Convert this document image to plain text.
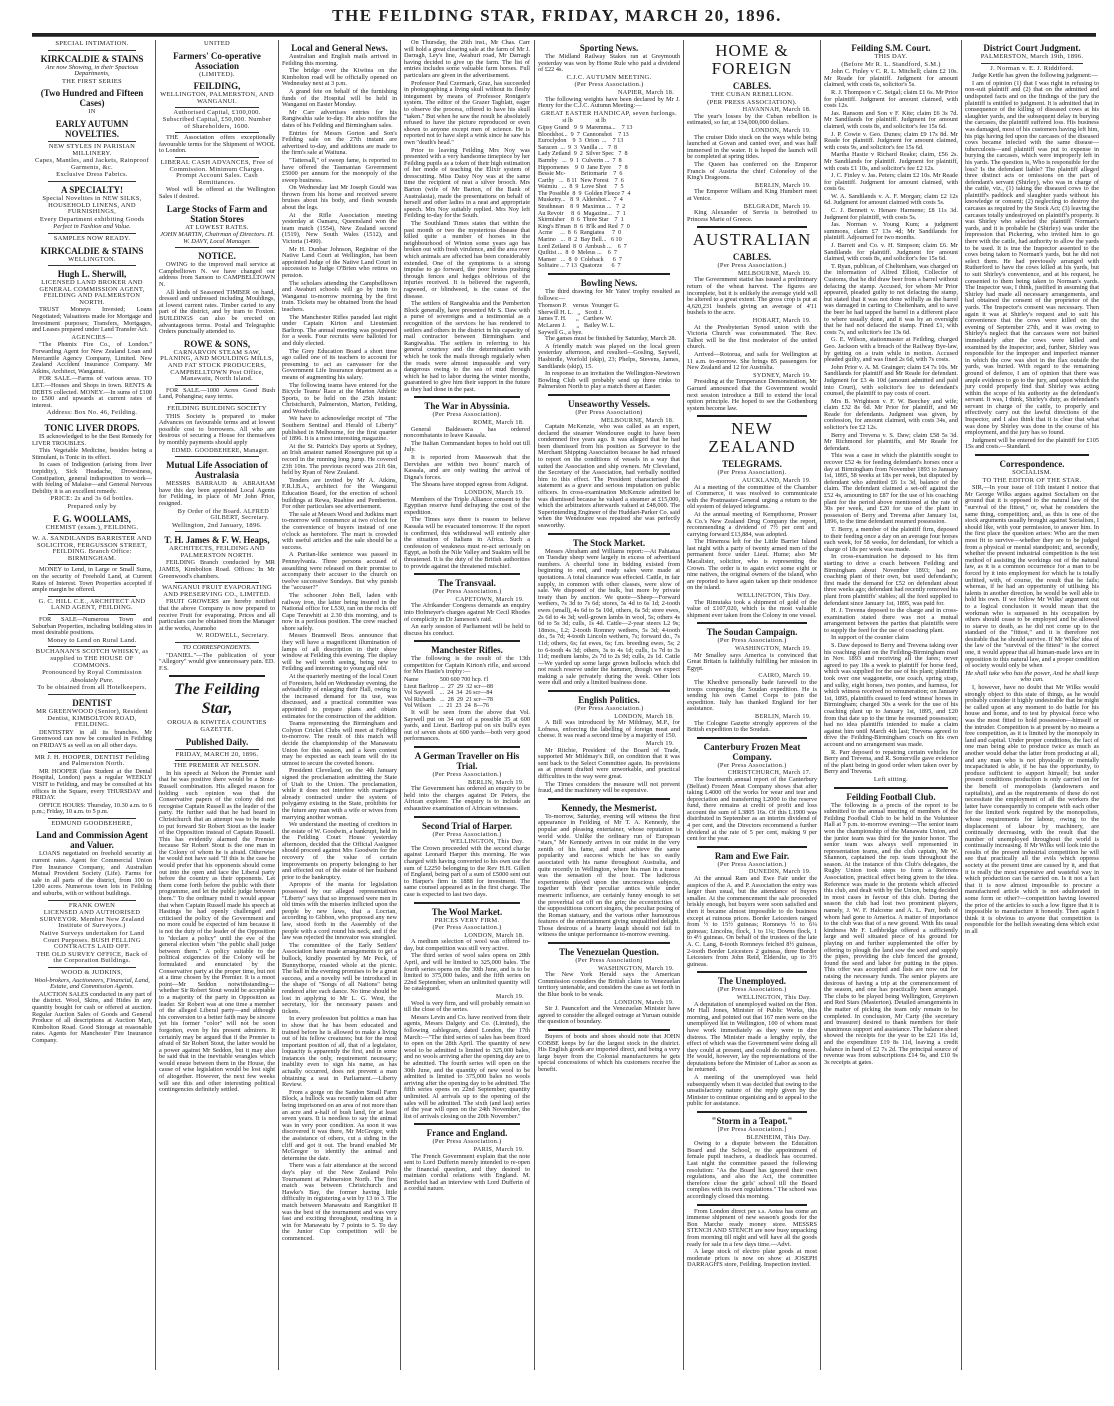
THE FEILDING STAR, FRIDAY, MARCH 20, 1896.
SPECIAL INTIMATION.
KIRKCALDIE & STAINS
Are now Showing, in their Spacious Departments,
THE FIRST SERIES
(Two Hundred and Fifteen Cases)
IN
EARLY AUTUMN NOVELTIES.
NEW STYLES IN PARISIAN MILLINERY.
Capes, Mantles, and Jackets, Rainproof Garments, &c.
Exclusive Dress Fabrics.
A SPECIALTY!
Special Novelties in NEW SILKS, HOUSEHOLD LINENS, AND FURNISHINGS,
Every Department exhibiting Goods
Perfect in Fashion and Value.
SAMPLES NOW READY.
KIRKCALDIE & STAINS
WELLINGTON.
Hugh L. Sherwill,
LICENSED LAND BROKER AND GENERAL COMMISSION AGENT, FEILDING AND PALMERSTON NORTH.
TRUST Moneys Invested; Loans Negotiated; Valuations made for Mortgage and Investment purposes; Transfers, Mortgages, and Leases prepared under Land Transfer Act.
AGENCIES—
"The Phœnix Fire Co., of London." Forwarding Agent for New Zealand Loan and Mercantile Agency Company, Limited. New Zealand Accident Insurance Company. Mr Atkins, Architect, Wanganui.
FOR SALE.—Farms of various areas. TO LET.—Houses and Shops in town. RENTS & DEBTS collected. MONEY.—In sums of £100 to £500 and upwards at current rates of interest.
Address: Box No. 46, Feilding.
TONIC LIVER DROPS.
IS acknowledged to be the Best Remedy for LIVER TROUBLES.
This Vegetable Medicine, besides being a Stimulant, is Tonic in its effect.
In cases of Indigestion (arising from liver torpidity), Sick Headache, Drowsiness, Constipation, general indisposition to work—with feeling of Malaise—and General Nervous Debility it is an excellent remedy.
PRICE: 2s and 3s 6d bottles.
Prepared only by
F. G. WOOLLAMS,
CHEMIST (exam.), FEILDING.
W. A. SANDILANDS BARRISTER AND SOLICITOR, FERGUSSON STREET, FEILDING. Branch Office: BIRMINGHAM.
MONEY to Lend, in Large or Small Sums, on the security of Freehold Land, at Current Rates of Interest. Town Properties accepted if ample margin be offered.
G. C. HILL C.E., ARCHITECT AND LAND AGENT, FEILDING.
FOR SALE—Numerous Town and Suburban Properties, including building sites in most desirable positions.
Money to Lend on Rural Land.
BUCHANAN'S SCOTCH WHISKY, as supplied to THE HOUSE OF COMMONS.
Pronounced by Royal Commission
Absolutely Pure.
To be obtained from all Hotelkeepers.
DENTIST
MR GREENWOOD (Senior), Resident Dentist, KIMBOLTON ROAD, FEILDING.
DENTISTRY in all its branches. Mr Greenwood can now be consulted in Feilding on FRIDAYS as well as on all other days.
MR J. H. HOOPER, DENTIST Feilding and Palmerston North.
MR HOOPER (late Student at the Dental Hospital, London) pays a regular WEEKLY VISIT to Feilding, and may be consulted at his offices in the Square, every THURSDAY and FRIDAY.
OFFICE HOURS: Thursday, 10.30 a.m. to 6 p.m.; Friday, 10 a.m. to 5 p.m.
EDMUND GOODBEHERE,
Land and Commission Agent and Valuer.
LOANS negotiated on freehold security at current rates. Agent for Commercial Union Fire Insurance Company, and Australian Mutual Provident Society (Life). Farms for sale in all parts of the district, from 100 to 1200 acres. Numerous town lots in Feilding and suburbs, with or without buildings.
FRANK OWEN
LICENSED AND AUTHORISED SURVEYOR. Member New Zealand Institute of Surveyors.)
Native Surveys undertaken for Land Court Purposes. BUSH FELLING CONTRACTS LAID OFF.
THE OLD SURVEY OFFICE, Back of the Corporation Buildings.
WOOD & JUDKINS,
Wool-brokers, Auctioneers, Financial, Land, Estate, and Commission Agents.
AUCTION SALES conducted in any part of the district. Wool, Skins, and Hides in any quantity bought for cash or offered at auction. Regular Auction Sales of Goods and General Produce of all descriptions at Auction Mart, Kimbolton Road. Good Storage at reasonable rates. Agents for Manchester Fire Insurance Company.
UNITED
Farmers' Co-operative Association
(LIMITED).
FEILDING,
WELLINGTON, PALMERSTON, AND WANGANUI.
Authorised Capital, £100,000. Subscribed Capital, £50,000. Number of Shareholders, 1600.
THE Association offers exceptionally favourable terms for the Shipment of WOOL to London.
LIBERAL CASH ADVANCES, Free of Commission. Minimum Charges. Prompt Account Sales. Cash Remittances.
Wool will be offered at the Wellington Sales if desired.
Large Stocks of Farm and Station Stores
AT LOWEST RATES.
JOHN MARTIN, Chairman of Directors. H. W. DAVY, Local Manager.
NOTICE.
OWING to the improved mail service at Campbelltown N. we have changed our address from Sanson to CAMPBELLTOWN N.
All kinds of Seasoned TIMBER on hand, dressed and undressed including Mouldings, at lowest current rates. Timber carted to any part of the district, and by tram to Foxton. BUILDINGS can also be erected on advantageous terms. Postal and Telegraphic Orders punctually attended to.
ROWE & SONS,
CARNARVON STEAM SAW, PLANING, AND MOULDING MILLS, AND FAT STOCK PRODUCERS, CAMPBELLTOWN Post Office, Manawatu, North Island.
FOR SALE.—1000 Acres Good Bush Land, Pohangina; easy terms.
FEILDING BUILDING SOCIETY
THIS Society is prepared to make Advances on favourable terms and at lowest possible cost to borrowers. All who are desirous of securing a House for themselves by monthly payments should apply
EDMD. GOODBEHERE, Manager.
Mutual Life Association of Australasia
MESSRS BARRAUD & ABRAHAM have this day been appointed Local Agents for Feilding, in place of Mr John Prior, resigned.
By Order of the Board. ALFRED GILBERT, Secretary.
Wellington, 2nd January, 1896.
T. H. James & F. W. Heaps,
ARCHITECTS, FEILDING AND PALMERSTON NORTH.
FEILDING Branch conducted by MR JAMES, Kimbolton Road. Offices: In Mr Greenwood's chambers.
WANGANUI FRUIT EVAPORATING AND PRESERVING CO., LIMITED.
FRUIT GROWERS are hereby notified that the above Company is now prepared to receive Fruit for evaporating. Prices and all particulars can be obtained from the Manager at the works, Aramoho
W. RODWELL, Secretary.
TO CORRESPONDENTS.
"DANIEL."—The publication of your "Allegory" would give unnecessary pain. ED. F.S.
The Feilding Star,
OROUA & KIWITEA COUNTIES GAZETTE.
Published Daily.
FRIDAY, MARCH 20, 1896.
THE PREMIER AT NELSON.
In his speech at Nelson the Premier said that he was positive there would be a Stout-Russell combination. His alleged reason for holding such opinion was that the Conservative papers of the colony did not recognise Captain Russell as the leader of the party. He further said that he had heard in Christchurch that an attempt was to be made to put forward Sir Robert Stout as the leader of the Opposition instead of Captain Russell. This has evidently alarmed the Premier because Sir Robert Stout is the one man in the Colony of whom he is afraid. Otherwise he would not have said "If this is the case he would prefer that his opponents should come out into the open and face the Liberal party before the country as their opponents. Let them come forth before the public with their programme, and let the public judge between them." To the ordinary mind it would appear that when Captain Russell made his speech at Hastings he had openly challenged and criticised the policy of the Government and no more could be expected of him because it is not the duty of the leader of the Opposition to "declare a policy" until the eve of the general election when "the public shall judge between them." A policy suitable to the political exigencies of the Colony will be formulated and enunciated by the Conservative party at the proper time, but not at a time chosen by the Premier. It is a moot point—Mr Seddon notwithstanding—whether Sir Robert Stout would be acceptable to a majority of the party in Opposition as leader. Sir Robert was at one time a member of the alleged Liberal party—and although his conversion to a better faith may be sincere yet his former "color" will not be soon forgotten, even by his present admirers. It certainly may be argued that if the Premier is afraid of Sir Robert Stout, the latter would be a power against Mr Seddon, but it may also be said that in the inevitable wrangles which would ensue between them in the House, the cause of wise legislation would be lost sight of altogether. However, the next few weeks will see this and other interesting political contingencies definitely settled.
Local and General News.
Australian and English mails arrived in Feilding this morning.
The bridge over the Kiwitea on the Kimbolton road will be officially opened on Wednesday next at 3 p.m.
A grand fete on behalf of the furnishing funds of the Hospital will be held in Wanganui on Easter Monday.
Mr Carr advertises entries for his Rangiwahia sale to-day. He also notifies the dates of his Feilding and Birmingham sales.
Entries for Messrs Gorton and Son's Feilding sale on the 27th instant are advertised to-day, and additions are made to the firm's sale at Waituna.
"Tattersall," of sweep fame, is reported to have offered the Tasmanian Government £5000 per annum for the monopoly of the sweep business.
On Wednesday last Mr Joseph Gould was thrown from his horse and received severe bruises about his body, and flesh wounds about the legs.
At the Rifle Association meeting yesterday at Oamaru, Queensland won the team match (1554), New Zealand second (1519), New South Wales (1512), and Victoria (1490).
Mr H. Dunbar Johnson, Registrar of the Native Land Court at Wellington, has been appointed Judge of the Native Land Court in succession to Judge O'Brien who retires on pension.
The scholars attending the Campbelltown and Awahuri schools will go by train to Wanganui to-morrow morning by the first train. Tickets may be obtained from the head teachers.
The Manchester Rifles paraded last night under Captain Kirton and Lieutenant Barltrop. The annual meeting was postponed for a week. Four recruits were balloted for and duly elected.
The Grey Education Board a short time ago called one of its teachers to account for presuming to act as canvasser for the Government Life Insurance department as a means of augmenting his salary.
The following teams have entered for the Bicycle Teams' Race at the Marton Athletic Sports, to be held on the 25th instant: Christchurch, Palmerston, Marton, Feilding, and Woodville.
We have to acknowledge receipt of "The Southern Sentinel and Herald of Liberty" published in Melbourne, for the first quarter of 1896. It is a most interesting magazine.
At the St. Patrick's Day sports at Sydney, an Irish amateur named Rosengrave put up a record in the running long jump. He covered 23ft 10in. The previous record was 21ft 6in, held by Ryan of New Zealand.
Tenders are invited by Mr A. Atkins, F.R.I.B.A., architect for the Wanganui Education Board, for the erection of school buildings at Rewa, Ruahine and Pemberton. For other particulars see advertisement.
The sale at Messrs Wood and Judkins mart to-morrow will commence at two o'clock for the convenience of buyers instead of one o'clock as heretofore. The mart is crowded with useful articles and the sale should be a success.
A Puritan-like sentence was passed in Pennsylvania. Three persons accused of assaulting were released on their promise to accompany their accuser to the church on twelve successive Sundays. But why punish the "accuser?"
The schooner John Bell, laden with railway iron, the latter being insured in the National office for L530, ran on the rocks off Cape Terawhiti at 2.30 this morning, and is now in a perilous position. The crew reached shore safely.
Messrs Bramwell Bros. announce that they will have a magnificent illumination of lamps of all description in their show window at Feilding this evening. The display will be well worth seeing, being new to Feilding and interesting to young and old.
At the quarterly meeting of the local Court of Foresters, held on Wednesday evening, the advisability of enlarging their Hall, owing to the increased demand for its use, was discussed, and a practical committee was appointed to prepare plans and obtain estimates for the construction of the addition.
Teams representing the Birmingham and Colyton Cricket Clubs will meet at Feilding to-morrow. The result of this match will decide the championship of the Manawatu Union for this season, and a keen contest may be expected as each team will do its utmost to secure the coveted honors.
President Cleveland, on the 4th January signed the proclamation admitting the State of Utah to the Union. The proclamation, while it does not interfere with marriages already contracted under the system of polygamy existing in the State, prohibits for the future any man with a wife or wives from marrying another woman.
We understand the meeting of creditors in the estate of W. Goodwin, a bankrupt, held in the Feilding Court House yesterday afternoon, decided that the Official Assignee should proceed against Mrs Goodwin for the recovery of the value of certain improvements on property belonging to her and effected out of the estate of her husband prior to the bankruptcy.
Apropos of the mania for legislation possessed by our alleged representatives "Liberty" says that so impressed were men in old times with the miseries inflicted upon the people by new laws, that a Locrian, according to Gibbon, who proposed any new law, stood forth in the Assembly of the people with a cord round his neck, and if the law was rejected the innovator was strangled.
The committee of the Early Settlers' Association have made arrangements to get a bullock, kindly presented by Mr Peck, of Bunnythorpe, roasted whole at the picnic. The ball in the evening promises to be a great success, and a novelty will be introduced in the shape of "Songs of all Nations" being rendered after each dance. No time should be lost in applying to Mr L. G. West, the secretary, for the necessary passes and tickets.
In every profession but politics a man has to show that he has been educated and trained before he is allowed to make a living out of his fellow creatures; but for the most important position of all, that of a legislator, loquacity is apparently the first, and in some instances the only, requirement necessary; inability even to sign his name, as has actually occurred, does not prevent a man obtaining a seat in Parliament.—Liberty Review.
From a gorge on the Sandon Small Farm Block, a bullock was recently taken out after being imprisoned on an area of not more than an acre and a-half of bush land, for at least seven years. It is needless to say the animal was in very poor condition. As soon it was discovered it was there, Mr McGregor, with the assistance of others, cut a siding in the cliff and got it out. The brand enabled Mr McGregor to identify the animal and determine the date.
There was a fair attendance at the second day's play of the New Zealand Polo Tournament at Palmerston North. The first match was between Christchurch and Hawke's Bay, the former having little difficulty in registering a win by 13 to 3. The match between Manawatu and Rangitikei II was the best of the tournament and was very fast and exciting throughout, resulting in a win for Manawatu by 7 points to 5. To day the Junior Cup competition will be commenced.
On Thursday, the 26th inst., Mr Chas. Carr will hold a great clearing sale at the farm of Mr J. Darragh, Ley's line, Awahuri road, Mr Darragh having decided to give up the farm. The list of entries includes some valuable farm horses. Full particulars are given in the advertisement.
Professor Paul Czermark, Graz, has succeeded in photographing a living skull without its fleshy integument by means of Professor Rontgen's system. The editor of the Grazer Tagblatt, eager to observe the process, offered to have his skull "taken." But when he saw the result he absolutely refused to have the picture reproduced or even shown to anyone except men of science. He is reported not to have slept a wink since he saw his own "death's head."
Prior to leaving Feilding Mrs Noy was presented with a very handsome timepiece by her Feilding pupils as a token of their high estimation of her mode of teaching the Elixir system of dresscutting. Miss Daisy Noy was at the same time the recipient of neat a silver brooch. Mrs Barton (wife of Mr Barton, of the Bank of Australasia), made the presentations on behalf of herself and other ladies in a neat and appropriate speech. Mrs Noy suitably replied. Mrs Noy left Feilding to-day for the South.
The Southland Times states that within the past month or two the mysterious disease that killed quite a number of horses in the neighbourhood of Winton some years ago has broken out with fresh virulence, and the area over which animals are affected has been considerably extended. One of the symptoms is a strong impulse to go forward, the poor brutes pushing through fences and hedges oblivious of the injuries received. It is believed the ragworth, ragweed, or blindweed, is the cause of the disease.
The settlers of Rangiwahia and the Pemberton Block generally, have presented Mr S. Daw with a purse of sovereigns and a testimonial as a recognition of the services he has rendered to settlers and others in the district in his capacity of mail contractor between Birmingham and Rangiwahia. The settlers in referring to his general courtesy and the determination with which he took the mails through regularly when the roads were almost impassable and very dangerous owing to the sea of mud through which he had to labor during the winter months, guaranteed to give him their support in the future as they had done in the past.
The War in Abyssinia.
(Per Press Association).
ROME, March 18.
General Baldessera has ordered noncombatants to leave Kassala.
The Italian Commandant hopes to hold out till July.
It is reported from Massowah that the Dervishes are within two hours' march of Kassala, and are only waiting the arrival of Digna's forces.
The Shoans have stopped egress from Adigrat.
LONDON, March 19.
Members of the Triple Alliance consent to the Egyptian reserve fund defraying the cost of the expedition.
The Times says there is reason to believe Kassala will be evacuated tomorrow. If the report is confirmed, this withdrawal will entirely alter the situation of Italians in Africa. Such a confession of weakness must re-act seriously on Egypt, as both the Nile Valley and Suakim will be threatened. It is the duty of the British authorities to provide against the threatened mischief.
The Transvaal.
(Per Press Association.)
CAPETOWN, March 19.
The Afrikander Congress demands an enquiry into Hofmeyer's charges against Mr Cecil Rhodes of complicity in Dr Jameson's raid.
An early session of Parliament will be held to discuss his conduct.
Manchester Rifles.
The following is the result of the 13th competition for Captain Kirton's rifle, and second for Mrs Hastie's trophy:—
Name              500 600 700 hcp. t'l
Lieut Barltrop ...  27  29  32 scr—88
Vol Saywell    ...  24  34  26 scr—84
Vol Richards   ...  28  29  21 scr—78
Vol Wilson     ...  21  23  24  8—76
It will be seen from the above that Vol. Saywell put on 34 out of a possible 35 at 600 yards, and Lieut. Barltrop put on six bull's eyes out of seven shots at 600 yards—both very good performances.
A German Traveller on His Trial.
(Per Press Association.)
BERLIN, March 19.
The Government has ordered an enquiry to be held into the charges against Dr Peters, the African explorer. The enquiry is to include an exhaustive examination of African witnesses.
Second Trial of Harper.
(Per Press Association.)
WELLINGTON, This Day.
The Crown proceeded with the second charge against Leonard Harper this morning. He was charged with having converted to his own use the sum of L2250 belonging to the Rev H.H. Gillett of England, being part of a sum of £5000 sent out to Harper's firm in 1888 for investment. The same counsel appeared as in the first charge. The case is expected to last two days.
The Wool Market.
PRICES VERY FIRM.
(Per Press Association.)
LONDON, March 18.
A medium selection of wool was offered to-day, but competition was still very active.
The third series of wool sales opens on 28th April, and will be limited to 325,000 bales. The fourth series opens on the 30th June, and is to be limited to 375,000 bales, and the fifth series on 22nd September, when an unlimited quantity will be catalogued.
March 19.
Wool is very firm, and will probably remain so till the close of the series.
Messrs Levin and Co. have received from their agents, Messrs Dalgety and Co. (Limited), the following cablegram, dated London, the 17th March:—"The third series of sales has been fixed to open on the 28th April. The quantity of new wool to be admitted is limited to 325,000 bales, and no wools arriving after the opening day are to be admitted. The fourth series will open on the 30th June, and the quantity of new wool to be admitted is limited to 375,000 bales no wools arriving after the opening day to be admitted. The fifth series opens on 22nd September; quantity unlimited. Al arrivals up to the opening of the sales will be admitted. The sixth (and last) series of the year will open on the 24th November, the list of arrivals closing on the 20th November."
France and England.
(Per Press Association.)
PARIS, March 19.
The French Government explain that the note sent to Lord Dufferin merely intended to re-open the financial question, and they desired to maintain cordial relations with England. M. Berthelot had an interview with Lord Dufferin of a cordial nature.
Sporting News.
The Midland Railway Stakes ran at Greymouth yesterday was won by Home Rule who paid a dividend of £22 4s.
C.J.C. AUTUMN MEETING.
(Per Press Association.)
NAPIER, March 18.
The following weights have been declared by Mr J. Henry for the C.J.C. Autumn Meeting:—
GREAT EASTER HANDICAP, seven furlongs.
st lb               st lb
Gipsy Grand   9  9  Maremma...    7 13
Bloodshot...  9  7  Cannonshot    7 13
Euroclydon    9  3  Orion  ...    7 13
Saracen  ...  9  3  Vanilla ...   7  8
Lady Zetland  9  2  Silver Spec   7  8
Barmby   ...  9  1  Culverin ...  7  8
Hippomenes    9  0  Jane Eyre     7  8
Bessie Mc-          Britomarte    7  6
Carthy   ...  8 11  New Forest    7  6
Waimiu   ...  8  9  Love Shot     7  5
The Possible  8  9  Golden Fleece 7  4
Musketry...   8  9  Aldershot...  7  4
Strathnean    8  9  Maximus ...   7  2
Au Revoir     8  6  Magazine...   7  1
Skirmisher    8  6  Three Star    7  1
King's B'man  8  6  B'lk and Red  7  0
Acme     ...  8  6  Rangiatea     7  0
Marino   ...  8  2  Bay Bell...   6 10
Lord Zetland  8  0  Ambush ...    6  7
Quiltist ...  8  0  Meleus ...    6  7
Manser   ...  8  0  Coleback      6  7
Solitaire ... 7 13  Quatorze      6  7
Bowling News.
The third drawing for Mr Yates' trophy resulted as follows:—
Thomson P.    versus  Younger G.
Sherwill H. L.   ,,   Scott J.
James T. H.      ,,   Carthew W.
McLaren J.       ,,   Bailey W. L.
Saywell G., a bye.
The games must be finished by Saturday, March 28.
A friendly match was played on the local green yesterday afternoon, and resulted—Gosling, Saywell, Hasbirdle, Worfold (skip), 23; Phelps, Stevens, James, Sandilands (skip), 15.
In response to an invitation the Wellington-Newtown Bowling Club will probably send up three rinks to Palmerston North to play a match there at Easter.
Unseaworthy Vessels.
(Per Press Association)
MELBOURNE, March 18.
Captain McKenzie, who was called as an expert, declared the steamer Wendouree ought to have been condemned five years ago. It was alleged that he had been dismissed from his position as Surveyor to the Merchant Shipping Association because he had refused to report on the conditions of vessels in a way that suited the Association and ship owners. Mr Cleveland, the Secretary of the Association, had verbally notified him to this effect. The President characterised the statement as a grave and serious imputation on public officers. In cross-examination McKenzie admitted he was dismissed because he valued a steamer at £15,000, which the arbitrators afterwards valued at £48,000. The Superintending Engineer of the Huddart-Parker Co. said when the Wendouree was repaired she was perfectly seaworthy.
The Stock Market.
Messrs Abraham and Williams report:—At Pahiatua on Tuesday sheep were largely in excess of advertised numbers. A cheerful tone in bidding existed from beginning to end, and ready sales were made at quotations. A total clearance was effected. Cattle, in fair supply, in common with other classes, were slow of sale. We disposed of the bulk, but more by private treaty than by auction. We quote—Sheep—Forward wethers, 7s 3d to 7s 6d; stores, 5s 4d to 6s 1d; 2-tooth ewes (small), 4s 6d to 5s 10d, others, 6s 5d; store ewes, 2s 6d to 4s 3d; well-grown lambs in wool, 5s; others 4s 6d to 5s 3d; culls, 1s 4d. Cattle—2-year steers L2 9s; 18mos., L2; 2-tooth Romney wethers, 5s 3d; 4-tooth do., 5s 7d; 4-tooth Lincoln wethers, 7s; forward do., 7s 11d; others, 6s; fat ewes, 6s; f.m. breeding ewes, 5s; 2 to 6-tooth 4s 3d; others, 3s to 4s 1d; culls, 1s 7d to 3s 11d; medium lambs, 2s 7d to 2s 9d; culls, 2s 1d. Cattle—We yarded up some large grown bullocks which did not reach reserve under the hammer, though we expect making a sale privately during the week. Other lots were dull and only a limited business done.
English Politics.
(Per Press Association.)
LONDON, March 18.
A Bill was introduced by Mr Mildmay, M.P., for Lofness, enforcing the labelling of foreign meat and cheese. It was read a second time by a majority of 150.
March 19.
Mr Ritchie, President of the Board of Trade, supported Mr Mildmay's Bill, on condition that it was sent back to the Select Committee again. Its provisions as at present drafted were unworkable, and practical difficulties in the way were great.
The Times considers the measure will not prevent fraud, and the machinery will be expensive.
Kennedy, the Mesmerist.
To-morrow, Saturday, evening will witness the first appearance in Feilding of Mr T. A. Kennedy, the popular and pleasing entertainer, whose reputation is world wide. Unlike the ordinary run of European "stars," Mr Kennedy arrives in our midst in the very zenith of his fame, and must achieve the same popularity and success which he has so easily associated with his name throughout Australia, and quite recently in Wellington, where his man in a trance was the sensation of the hour. The ludicrous experiments played upon the unconscious subjects, together with their peculiar antics while under mesmeric influence, are certainly funny enough to set the proverbial cat off on the grin; the eccentricities of the supposititious concert singers, the peculiar posing of the Roman statuary, and the various other humourous features of the entertainment giving unqualified delight. Those desirous of a hearty laugh should not fail to witness the unique performance to-morrow evening.
The Venezuelan Question.
(Per Press Association)
WASHINGTON, March 19.
The New York Herald says the American Commission considers the British claim to Venezuelan territory untenable, and considers the case as set forth in the Blue book to be weak.
LONDON, March 19.
Sir J. Pauncefort and the Venezuelan Minister have agreed to consider the alleged outrage at Yuruan outside the question of boundary.
Buyers of boots and shoes should note that JOHN COBBE keeps by far the largest stock in the district. His English goods are imported direct, and being a very large buyer from the Colonial manufacturers he gets special concessions of which his customers receive the benefit.
HOME & FOREIGN
CABLES.
THE CUBAN REBELLION.
(PER PRESS ASSOCIATION).
HAVANNAH, March 18.
The year's losses by the Cuban rebellion is estimated, so far, at 134,000,000 dollars.
LONDON, March 19.
The cruiser Dido stuck on the ways while being launched at Govan and canted over, and was half immersed in the water. It is hoped the launch will be completed at spring tides.
The Queen has conferred on the Emperor Francis of Austria the chief Coloneloy of the King's Dragoons.
BERLIN, March 19.
The Emperor William and King Humbert meet at Venice.
BELGRADE, March 19.
King Alexander of Servia is betrothed to Princess Marie of Greece.
AUSTRALIAN
CABLES.
(Per Press Association.)
MELBOURNE, March 19.
The Government statist has issued a preliminary return of the wheat harvest. The figures are incomplete, but it is unlikely the average yield will be altered to a great extent. The gross crop is put at 4,620,231 bushels giving an average of 4'11 bushels to the acre.
HOBART, March 19.
At the Presbyterian Synod union with the Victoria Church was consummated. The Rev. Talbot will be the first moderator of the united church.
Arrived—Rotorua, and sails for Wellington at 11 a.m. to-morrow. She brings 85 passengers for New Zealand and 12 for Australia.
SYDNEY, March 19.
Presiding at the Temperance Demonstration, Mr Garrard announced that the Government would next session introduce a Bill to extend the local option principle. He hoped to see the Gothenburg system become law.
NEW ZEALAND
TELEGRAMS.
(Per Press Association).
AUCKLAND, March 19.
At a meeting of the committee of the Chamber of Commerce, it was resolved to communicate with the Postmaster-General urging a return to the old system of delayed telegrams.
At the annual meeting of Kempthorne, Prosser & Co.'s New Zealand Drug Company the report, recommending a dividend of 7½ per cent and carrying forward £13,884, was adopted.
The Hinemoa left for the Little Barrier Island last night with a party of twenty armed men of the permanent force under Lieut. Hume; also Mr Macalister, solicitor, who is representing the Crown. The order is to again evict some eight or nine natives, the original owners of the island, who are reported to have again taken up their residence on the island.
WELLINGTON, This Day.
The Rimutaka took a shipment of gold of the value of £107,020, which is the most valuable shipment ever taken from the Colony in one vessel.
The Soudan Campaign.
(Per Press Association.)
WASHINGTON, March 19.
Mr Smalley says America is convinced that Great Britain is faithfully fulfilling her mission in Egypt.
CAIRO, March 19.
The Khedive personally bade farewell to the troops composing the Soudan expedition. He is sending his own Camel Corps to join the expedition. Italy has thanked England for her assistance.
BERLIN, March 19.
The Cologne Gazette strongly approves of the British expedition to the Soudan.
Canterbury Frozen Meat Company.
(Per Press Association.)
CHRISTCHURCH, March 17.
The fourteenth annual report of the Canterbury (Belfast) Frozen Meat Company shows that after taking L4000 off the works for wear and tear and depreciation and transferring L2000 to the reserve fund, there remains at credit of profit and loss account the sum of L3805 16s. Of this L1900 was distributed in September as an interim dividend of 4 per cent, and the Directors recommend a further dividend at the rate of 5 per cent, making 9 per cent for the year.
Ram and Ewe Fair.
(Per Press Association.)
DUNEDIN, March 19.
At the annual Ram and Ewe Fair under the auspices of the A. and P. Association the entry was larger than usual, but the attendance of buyers smaller. At the commencement the sale proceeded briskly enough, but buyers were soon satisfied and then it became almost impossible to do business except at ruinous prices. Border Leicesters ranged from ½ to 15½ guineas; Romneys ½ to 6¼ guineas; Lincolns, flock, 1 to 1¼; Downs flock, 1 to 4½ guineas. On behalf of the trustees of the late A. C. Lang, 8-tooth Romneys fetched 8½ guineas, 2-tooth Border Leicesters 2 guineas, three Border Leicesters from John Reid, Elderslie, up to 3½ guineas.
The Unemployed.
(Per Press Association.)
WELLINGTON, This Day.
A deputation of unemployed waited on the Hon. Mr Hall Jones, Minister of Public Works, this morning, and pointed out that 167 men were on the unemployed list in Wellington, 100 of whom must have work immediately as they were in dire distress. The Minister made a lengthy reply, the effect of which was the Government were doing all they could at present, and could do nothing more. He would, however, lay the representations of the deputations before the Minister of Labor as soon as he returned.
A meeting of the unemployed was held subsequently when it was decided that owing to the unsatisfactory nature of the reply given by the Minister to continue organising and to appeal to the public for assistance.
"Storm in a Teapot."
[Per Press Association.]
BLENHEIM, This Day.
Owing to a dispute between the Education Board and the School, re the appointment of female pupil teachers, a deadlock has occurred. Last night the committee passed the following resolution: "As the Board has ignored their own regulations, and also the Act, the committee therefore close the girls' school till the Board complies with its own regulations." The school was accordingly closed this morning.
From London direct per s.s. Aotea has come an immense shipment of new season's goods for the Bon Marche ready money store. MESSRS STENCH AND STENCH are now busy unpacking from morning till night and will have all the goods ready for sale in a few days time.—Advt.
A large stock of electro plate goods at most moderate prices is now on show at JOSEPH DARRAGH'S store, Feilding. Inspection invited.
Feilding S.M. Court.
THIS DAY.
(Before Mr R. L. Standford, S.M.)
John C. Finley v C. R. L. Mitchell; claim £2 10s. Mr Reade for plaintiff. Judgment for amount claimed, with costs 6s, solicitor's 5s.
R. J. Thompson v C. Seigal; claim £1 6s. Mr Price for plaintiff. Judgment for amount claimed, with costs 12s.
Jas. Ransom and Son v F. Kite; claim £6 3s 7d. Mr Sandilands for plaintiff. Judgment for amount claimed, with costs 8s, and solicitor's fee 15s 6d.
J. P. Cowie v. Geo. Dunes; claim £9 17s 8d. Mr Reade for plaintiff. Judgment for amount claimed, with costs 9s, and solicitor's fee 15s 6d.
Martha Hastie v Richard Reake; claim, £56 2s. Mr Sandilands for plaintiff. Judgment for plaintiff, with costs £1 10s, and solicitor's fee £2 12s.
J. C. Finley v. Jas. Peters; claim £2 10s. Mr Reade for plaintiff. Judgment for amount claimed, with costs 6s.
W. A. Sandilands v. A. F. Morgan; claim £2 12s 6d. Judgment for amount claimed with costs 5s.
C. J. Bennett v. Henare Harmene; £8 11s 3d. Judgment for plaintiff, with costs 5s.
Jas. Norman v. Young Kum; a judgment summons, claim £7 13s 4d; Mr Sandilands for plaintiff. Adjourned for two months.
J. Barrett and Co. v. H. Simpson; claim £6. Mr Sandilands for plaintiff. Judgment for amount claimed, with costs 8s, and solicitor's fee 15s 6d.
T. Ryan, publican, of Cheltenham, was charged on the information of Alfred Elliott, Collector of Customs, that he did draw beer from a barrel without defacing the stamp. Accused, for whom Mr Prior appeared, pleaded guilty to not defacing the stamp, but stated that it was not done wilfully as the barrel was damaged in carting to Cheltenham, and to save the beer he had tapped the barrel in a different place to where usually done, and it was by an oversight that he had not defaced the stamp. Fined £1, with costs 7s, and solicitor's fee 13s 6d.
G. E. Wilson, stationmaster at Feilding, charged Geo. Jackson with a breach of the Railway Bye-law, by getting on a train while in motion. Accused pleaded guilty, and was fined 2s 6d, with 7s costs.
John Prior v. A. M. Grainger; claim £4 7s 10s. Mr Sandilands for plaintiff and Mr Reade for defendant. Judgment for £3 4s 10d (amount admitted and paid into Court), with solicitor's fee to defendant's counsel, the plaintiff to pay costs of court.
Mrs B. Wrightson v. F. W. Beechey and wife; claim £32 8s 6d. Mr Prior for plaintiff, and Mr Reade for defendants. Judgment was given, by confession, for amount claimed, with costs 34s, and solicitor's fee £2 12s.
Berry and Trevena v. S. Daw; claim £58 5s 3d. Mr Richmond for plaintiffs, and Mr Reade for defendant.
This was a case in which the plaintiffs sought to recover £52 4s for feeding defendant's horses once a day at Birmingham from November 1893 to January 1st, 1895, 58 weeks at 18s per week, but disputed by defendant who admitted £6 1s 3d, balance of the claim. The defendant claimed a set-off against the £52 4s, amounting to £87 for the use of his coaching plant for the period above mentioned at the rate of 30s per week, and £20 for use of the plant in possession of Berry and Trevena after January 1st, 1896, to the time defendant resumed possession.
T. Berry, a member of the plaintiff firm, deposed to their feeding once a day on an average four horses each week, for 58 weeks, for defendant, for which a charge of 18s per week was made.
In cross-examination he deposed to his firm starting to drive a coach between Feilding and Birmingham about November 1893; had no coaching plant of their own, but used defendant's; first made the demand for £52 on defendant about three weeks ago; defendant had recently removed his plant from plaintiffs' stables; all the feed supplied to defendant since January 1st, 1895, was paid for.
H. J. Trevena deposed to the charge and in cross-examination stated there was not a mutual arrangement between the parties that plaintiffs were to supply the feed for the use of coaching plant.
In support of the counter claim
S. Daw deposed to Berry and Trevena taking over his coaching plant on the Feilding-Birmingham road in Nov. 1893 and receiving all the fares; never agreed to pay 18s a week to plaintiff for horse feed, which was supplied for the use of his plant; plaintiffs took over one waggonette, one coach, spring strap, and sulky, eight horses, two ponies, and harness, for which witness received no remuneration; on January 1st, 1895, plaintiffs ceased to feed witness' horses in Birmingham; charged 30s a week for the use of his coaching plant up to January 1st, 1895, and £20 from that date up to the time he resumed possession; had no idea plaintiffs intended to make a claim against him until March 4th last; Trevena agreed to drive the Feilding-Birmingham coach on his own account and no arrangement was made.
R. Parr deposed to repairing certain vehicles for Berry and Trevena, and R. Somerville gave evidence of the plant being in good order when taken over by Berry and Trevena.
Left sitting.
Feilding Football Club.
The following is a precis of the report to be submitted to the annual meeting of members of the Feilding Football Club to be held in the Volunteer Hall at 7 p.m. to-morrow evening:—The senior team won the championship of the Manawatu Union, and the junior team was third for the junior honor. The senior team was always well represented in representation teams, and the club captain, Mr W. Shannon, captained the rep. team throughout the season. At the instance of this Club's delegates, the Rugby Union took steps to form a Referees Association, practical effect being given to the idea. Reference was made to the protests which affected this club, and dealt with by the Union, being decided in most cases in favour of this club. During the season the club had lost two prominent players, namely, J. W. F. Halcome and A. L. Parr, both of whom had gone to America. A matter of importance to the club was that of a new ground. With his usual kindness Mr F. Lethbridge offered a sufficiently large and well situated piece of his ground for playing on and further supplemented the offer by offering to plough the land sow the seed and supply the pipes, providing the club fenced the ground, found the seed and labor for putting in the pipes. This offer was accepted and lists are now out for raising the necessary funds. The senior players are desirous of having a trip at the commencement of the season, and one has practically been arranged. The clubs to be played being Wellington, Greytown and Red Stars (Masterton). Detailed arrangements in the matter of picking the team only remain to be completed. In conclusion, Mr Carty (the secretary and treasurer) desired to thank members for their unanimous support and assistance. The balance sheet showed the receipts for the year to be £21 16s 1d, and the expenditure £19 8s 11d, leaving a credit balance in hand of £2 7s 2d. The principal source of revenue was from subscriptions £14 9s, and £10 9s 3s receipts at gates.
District Court Judgment.
PALMERSTON, March 19th, 1896.
J. Norman v. E. J. Riddiford.
Judge Kettle has given the following judgment:—
I am of opinion (1) that I was right in refusing to non-suit plaintiff and (2) that on the admitted and undisputed facts and on the findings of the jury the plaintiff is entitled to judgment. It is admitted that in consequence of the killing of diseased cows at his slaughter yards, and the subsequent delay in burying the carcases, the plaintiff suffered loss. His business was damaged, most of his customers having left him, his pigs having fed upon the carcases of the diseased cows became infected with the same disease—tuberculosis—and plaintiff was put to expense in burying the carcases, which were improperly left in his yards. The question is, Who is responsible for the loss? Is the defendant liable? The plaintiff alleged three distinct acts or omissions on the part of defendant's servant (Shirley), who was in charge of the cattle, viz., (1) taking the diseased cows to the plaintiff's paddock and slaughter yards without his knowledge or consent; (2) neglecting to destroy the carcases as required by the Stock Act; (3) leaving the carcases totally undestroyed on plaintiff's property. It was Shirley who selected the plaintiff Norman's yards, and it is probable he (Shirley) was under the impression that Pickering, who invited him to go there with the cattle, had authority to allow the yards to be used. It is true the Inspector assented to the cows being taken to Norman's yards, but he did not select them. He had previously arranged with Rutherford to have the cows killed at his yards, but to suit Shirley's convenience, and at his request, he consented to them being taken to Norman's yards. The Inspector was, I think, justified in assuming that Shirley had made all necessary arrangements, and had obtained the consent of the proprietor of the yards. The Inspector's consent was necessary. Then again it was at Shirley's request and to suit his convenience that the cows were killed on the evening of September 27th, and it was owing to Shirley's neglect that the carcases were not buried immediately after the cows were killed and examined by the Inspector; and, further, Shirley was responsible for the improper and imperfect manner in which the cow was shot in the flax outside the yards, was buried. With regard to the remaining ground of defence, I am of opinion that there was ample evidence to go to the jury, and upon which the jury could properly find that Shirley was acting within the scope of his authority as the defendant's servant. It was, I think, Shirley's duty, as defendant's servant in charge of the cattle, to properly and effectively carry out the lawful directions of the Inspector, and I also think that it is clear that what was done by Shirley was done in the course of his employment, and the jury has so found.
Judgment will be entered for the plaintiff for £105 15s and costs.—Standard.
Correspondence.
SOCIALISM.
TO THE EDITOR OF THE STAR.
SIR,—In your issue of 11th instant I notice that Mr George Wilks argues against Socialism on the ground that it is opposed to the natural law of the "survival of the fittest," or, what he considers the same thing, competition; and, as this is one of the stock arguments usually brought against Socialism, I should like, with your permission, to answer him. In the first place the question arises: Who are the men most fit to survive—whether they are to be judged from a physical or mental standpoint; and, secondly, whether the present industrial competition is the test method of assisting the workings out of the natural law, as it is a common occurrence for a man to be forced by it into employment for which he is totally unfitted, with, of course, the result that he fails; whereas, if he had an opportunity of utilising his talents in another direction, he would be well able to hold his own. If we follow Mr Wilks' argument out to a logical conclusion it would mean that the workman who is surpassed in his occupation by others should cease to be employed and be allowed to starve to death, as he did not come up to the standard of the "fittest," and it is therefore not desirable that he should survive. If Mr Wilks' idea of the law of the "survival of the fittest" is the correct one, it would appear that all human-made laws are in opposition to this natural law, and a proper condition of society would only be when
He shall take who has the power, And he shall keep who can.
I, however, have no doubt that Mr Wilks would strongly object to this state of things, as he would probably consider it highly undesirable that he might be called upon at any moment to do battle for his house and home, and to test by physical force who was the most fitted to hold possession—himself or the intruder. Competition is at present by no means a free competition, as it is limited by the monopoly in land and capital. Under proper conditions, the fact of one man being able to produce twice as much as another would debar the latter from producing at all, and any man who is not physically or mentally incapacitated is able, if he has the opportunity, to produce sufficient to support himself; but under present conditions production is only carried on for the benefit of monopolists (landowners and capitalists), and as the requirements of these do not necessitate the employment of all the workers the latter have consequently to compete with each other for the limited work required by the monopolists, whose requirements for labour, owing to the displacement of labour by machinery, are continually decreasing, with the result that the number of unemployed throughout the world is continually increasing. If Mr Wilks will look into the results of the present industrial competition he will see that practically all the evils which oppress society at the present time are caused by it, and that it is really the most expensive and wasteful way in which production can be carried on. Is it not a fact that it is now almost impossible to procure a manufactured article which is not adulterated in some form or other?—competition having lowered the price of the articles to such a low figure that it is impossible to manufacture it honestly. Then again I think it is obvious to anyone that competition is responsible for the hellish sweating dens which exist in all
